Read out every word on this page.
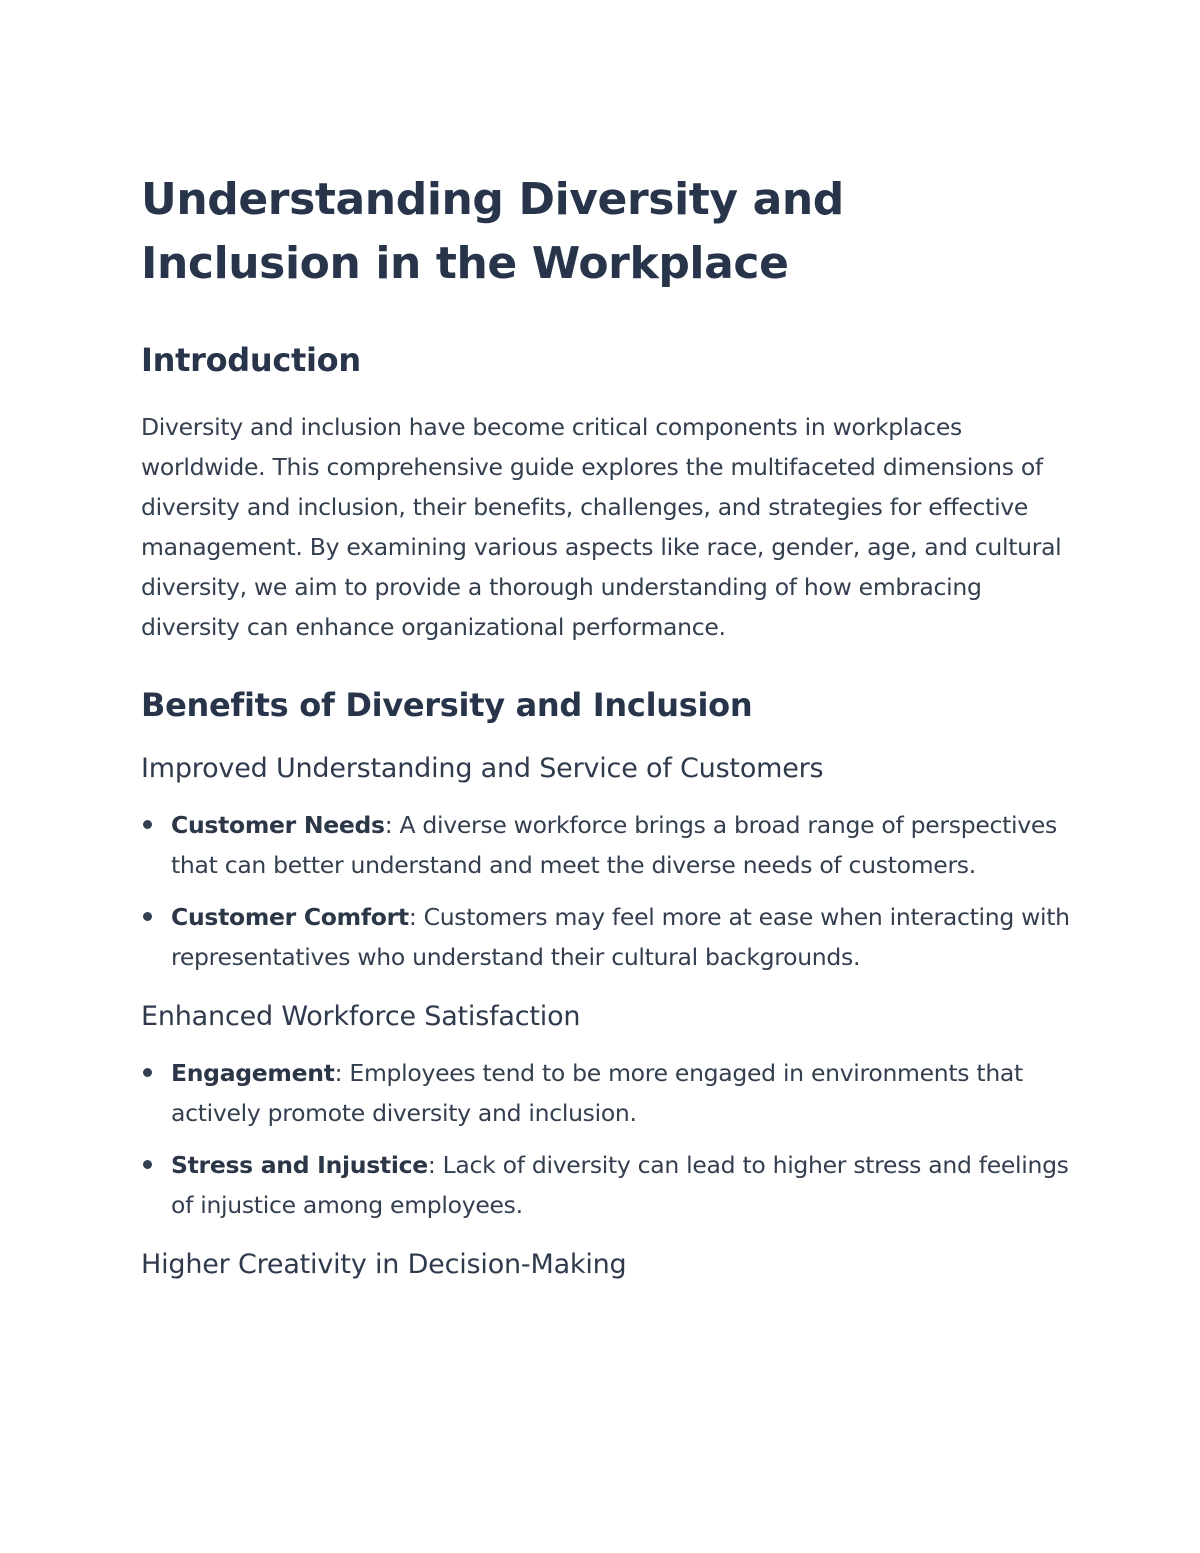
Understanding Diversity and Inclusion in the Workplace
Introduction

Diversity and inclusion have become critical components in workplaces worldwide. This comprehensive guide explores the multifaceted dimensions of diversity and inclusion, their benefits, challenges, and strategies for effective management. By examining various aspects like race, gender, age, and cultural diversity, we aim to provide a thorough understanding of how embracing diversity can enhance organizational performance.

Benefits of Diversity and Inclusion
Improved Understanding and Service of Customers
Customer Needs: A diverse workforce brings a broad range of perspectives that can better understand and meet the diverse needs of customers.
Customer Comfort: Customers may feel more at ease when interacting with representatives who understand their cultural backgrounds.
Enhanced Workforce Satisfaction
Engagement: Employees tend to be more engaged in environments that actively promote diversity and inclusion.
Stress and Injustice: Lack of diversity can lead to higher stress and feelings of injustice among employees.
Higher Creativity in Decision-Making
